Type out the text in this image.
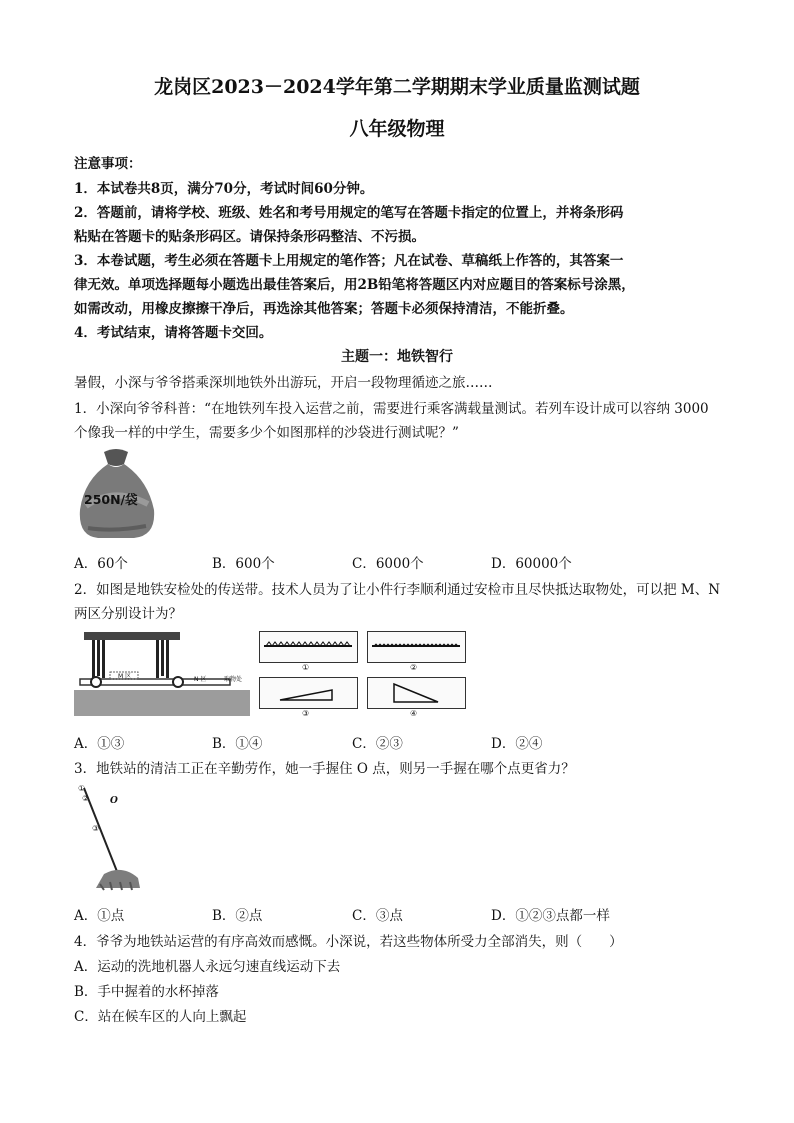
龙岗区2023－2024学年第二学期期末学业质量监测试题
八年级物理
注意事项：
1．本试卷共8页，满分70分，考试时间60分钟。
2．答题前，请将学校、班级、姓名和考号用规定的笔写在答题卡指定的位置上，并将条形码
粘贴在答题卡的贴条形码区。请保持条形码整洁、不污损。
3．本卷试题，考生必须在答题卡上用规定的笔作答；凡在试卷、草稿纸上作答的，其答案一
律无效。单项选择题每小题选出最佳答案后，用2B铅笔将答题区内对应题目的答案标号涂黑，
如需改动，用橡皮擦擦干净后，再选涂其他答案；答题卡必须保持清洁，不能折叠。
4．考试结束，请将答题卡交回。
主题一：地铁智行
暑假，小深与爷爷搭乘深圳地铁外出游玩，开启一段物理循迹之旅……
1．小深向爷爷科普：“在地铁列车投入运营之前，需要进行乘客满载量测试。若列车设计成可以容纳 3000
个像我一样的中学生，需要多少个如图那样的沙袋进行测试呢？”
250N/袋
A．60个	B．600个	C．6000个	D．60000个
2．如图是地铁安检处的传送带。技术人员为了让小件行李顺利通过安检市且尽快抵达取物处，可以把 M、N
两区分别设计为？
M 区	N 区	取物处
①	②
③	④
A．①③	B．①④	C．②③	D．②④
3．地铁站的清洁工正在辛勤劳作，她一手握住 O 点，则另一手握在哪个点更省力？
①
②
③
O
A．①点	B．②点	C．③点	D．①②③点都一样
4．爷爷为地铁站运营的有序高效而感慨。小深说，若这些物体所受力全部消失，则（　　）
A．运动的洗地机器人永远匀速直线运动下去
B．手中握着的水杯掉落
C．站在候车区的人向上飘起
